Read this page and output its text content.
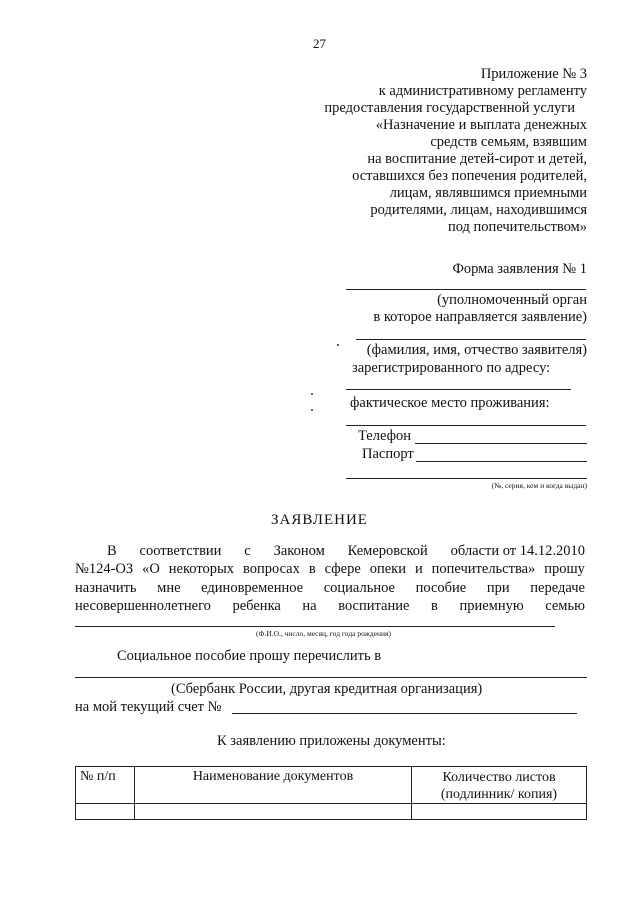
27
Приложение № 3
к административному регламенту
предоставления государственной услуги
«Назначение и выплата денежных
средств семьям, взявшим
на воспитание детей-сирот и детей,
оставшихся без попечения родителей,
лицам, являвшимся приемными
родителями, лицам, находившимся
под попечительством»
Форма заявления № 1
(уполномоченный орган
в которое направляется заявление)
(фамилия, имя, отчество заявителя)
зарегистрированного по адресу:
фактическое место проживания:
Телефон
Паспорт
(№, серия, кем и когда выдан)
ЗАЯВЛЕНИЕ
В соответствии с Законом Кемеровской области от 14.12.2010
№124-ОЗ «О некоторых вопросах в сфере опеки и попечительства» прошу
назначить мне единовременное социальное пособие при передаче
несовершеннолетнего ребенка на воспитание в приемную семью
(Ф.И.О., число, месяц, год года рождения)
Социальное пособие прошу перечислить в
(Сбербанк России, другая кредитная организация)
на мой текущий счет №
К заявлению приложены документы:
№ п/п	Наименование документов	Количество листов
(подлинник/ копия)
